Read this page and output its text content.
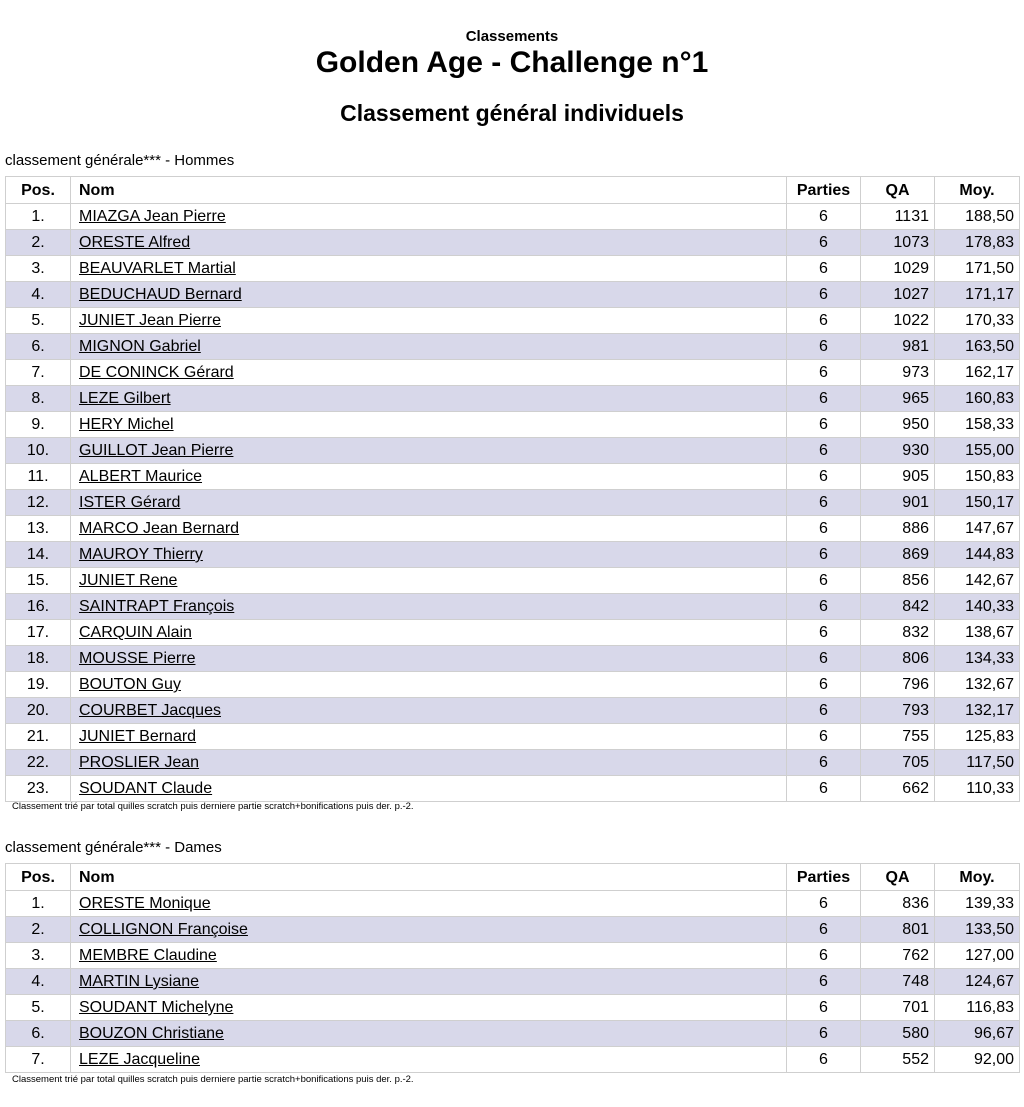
Classements
Golden Age - Challenge n°1
Classement général individuels
classement générale*** - Hommes
Pos.	Nom	Parties	QA	Moy.
1.	MIAZGA Jean Pierre	6	1131	188,50
2.	ORESTE Alfred	6	1073	178,83
3.	BEAUVARLET Martial	6	1029	171,50
4.	BEDUCHAUD Bernard	6	1027	171,17
5.	JUNIET Jean Pierre	6	1022	170,33
6.	MIGNON Gabriel	6	981	163,50
7.	DE CONINCK Gérard	6	973	162,17
8.	LEZE Gilbert	6	965	160,83
9.	HERY Michel	6	950	158,33
10.	GUILLOT Jean Pierre	6	930	155,00
11.	ALBERT Maurice	6	905	150,83
12.	ISTER Gérard	6	901	150,17
13.	MARCO Jean Bernard	6	886	147,67
14.	MAUROY Thierry	6	869	144,83
15.	JUNIET Rene	6	856	142,67
16.	SAINTRAPT François	6	842	140,33
17.	CARQUIN Alain	6	832	138,67
18.	MOUSSE Pierre	6	806	134,33
19.	BOUTON Guy	6	796	132,67
20.	COURBET Jacques	6	793	132,17
21.	JUNIET Bernard	6	755	125,83
22.	PROSLIER Jean	6	705	117,50
23.	SOUDANT Claude	6	662	110,33
Classement trié par total quilles scratch puis derniere partie scratch+bonifications puis der. p.-2.
classement générale*** - Dames
Pos.	Nom	Parties	QA	Moy.
1.	ORESTE Monique	6	836	139,33
2.	COLLIGNON Françoise	6	801	133,50
3.	MEMBRE Claudine	6	762	127,00
4.	MARTIN Lysiane	6	748	124,67
5.	SOUDANT Michelyne	6	701	116,83
6.	BOUZON Christiane	6	580	96,67
7.	LEZE Jacqueline	6	552	92,00
Classement trié par total quilles scratch puis derniere partie scratch+bonifications puis der. p.-2.
